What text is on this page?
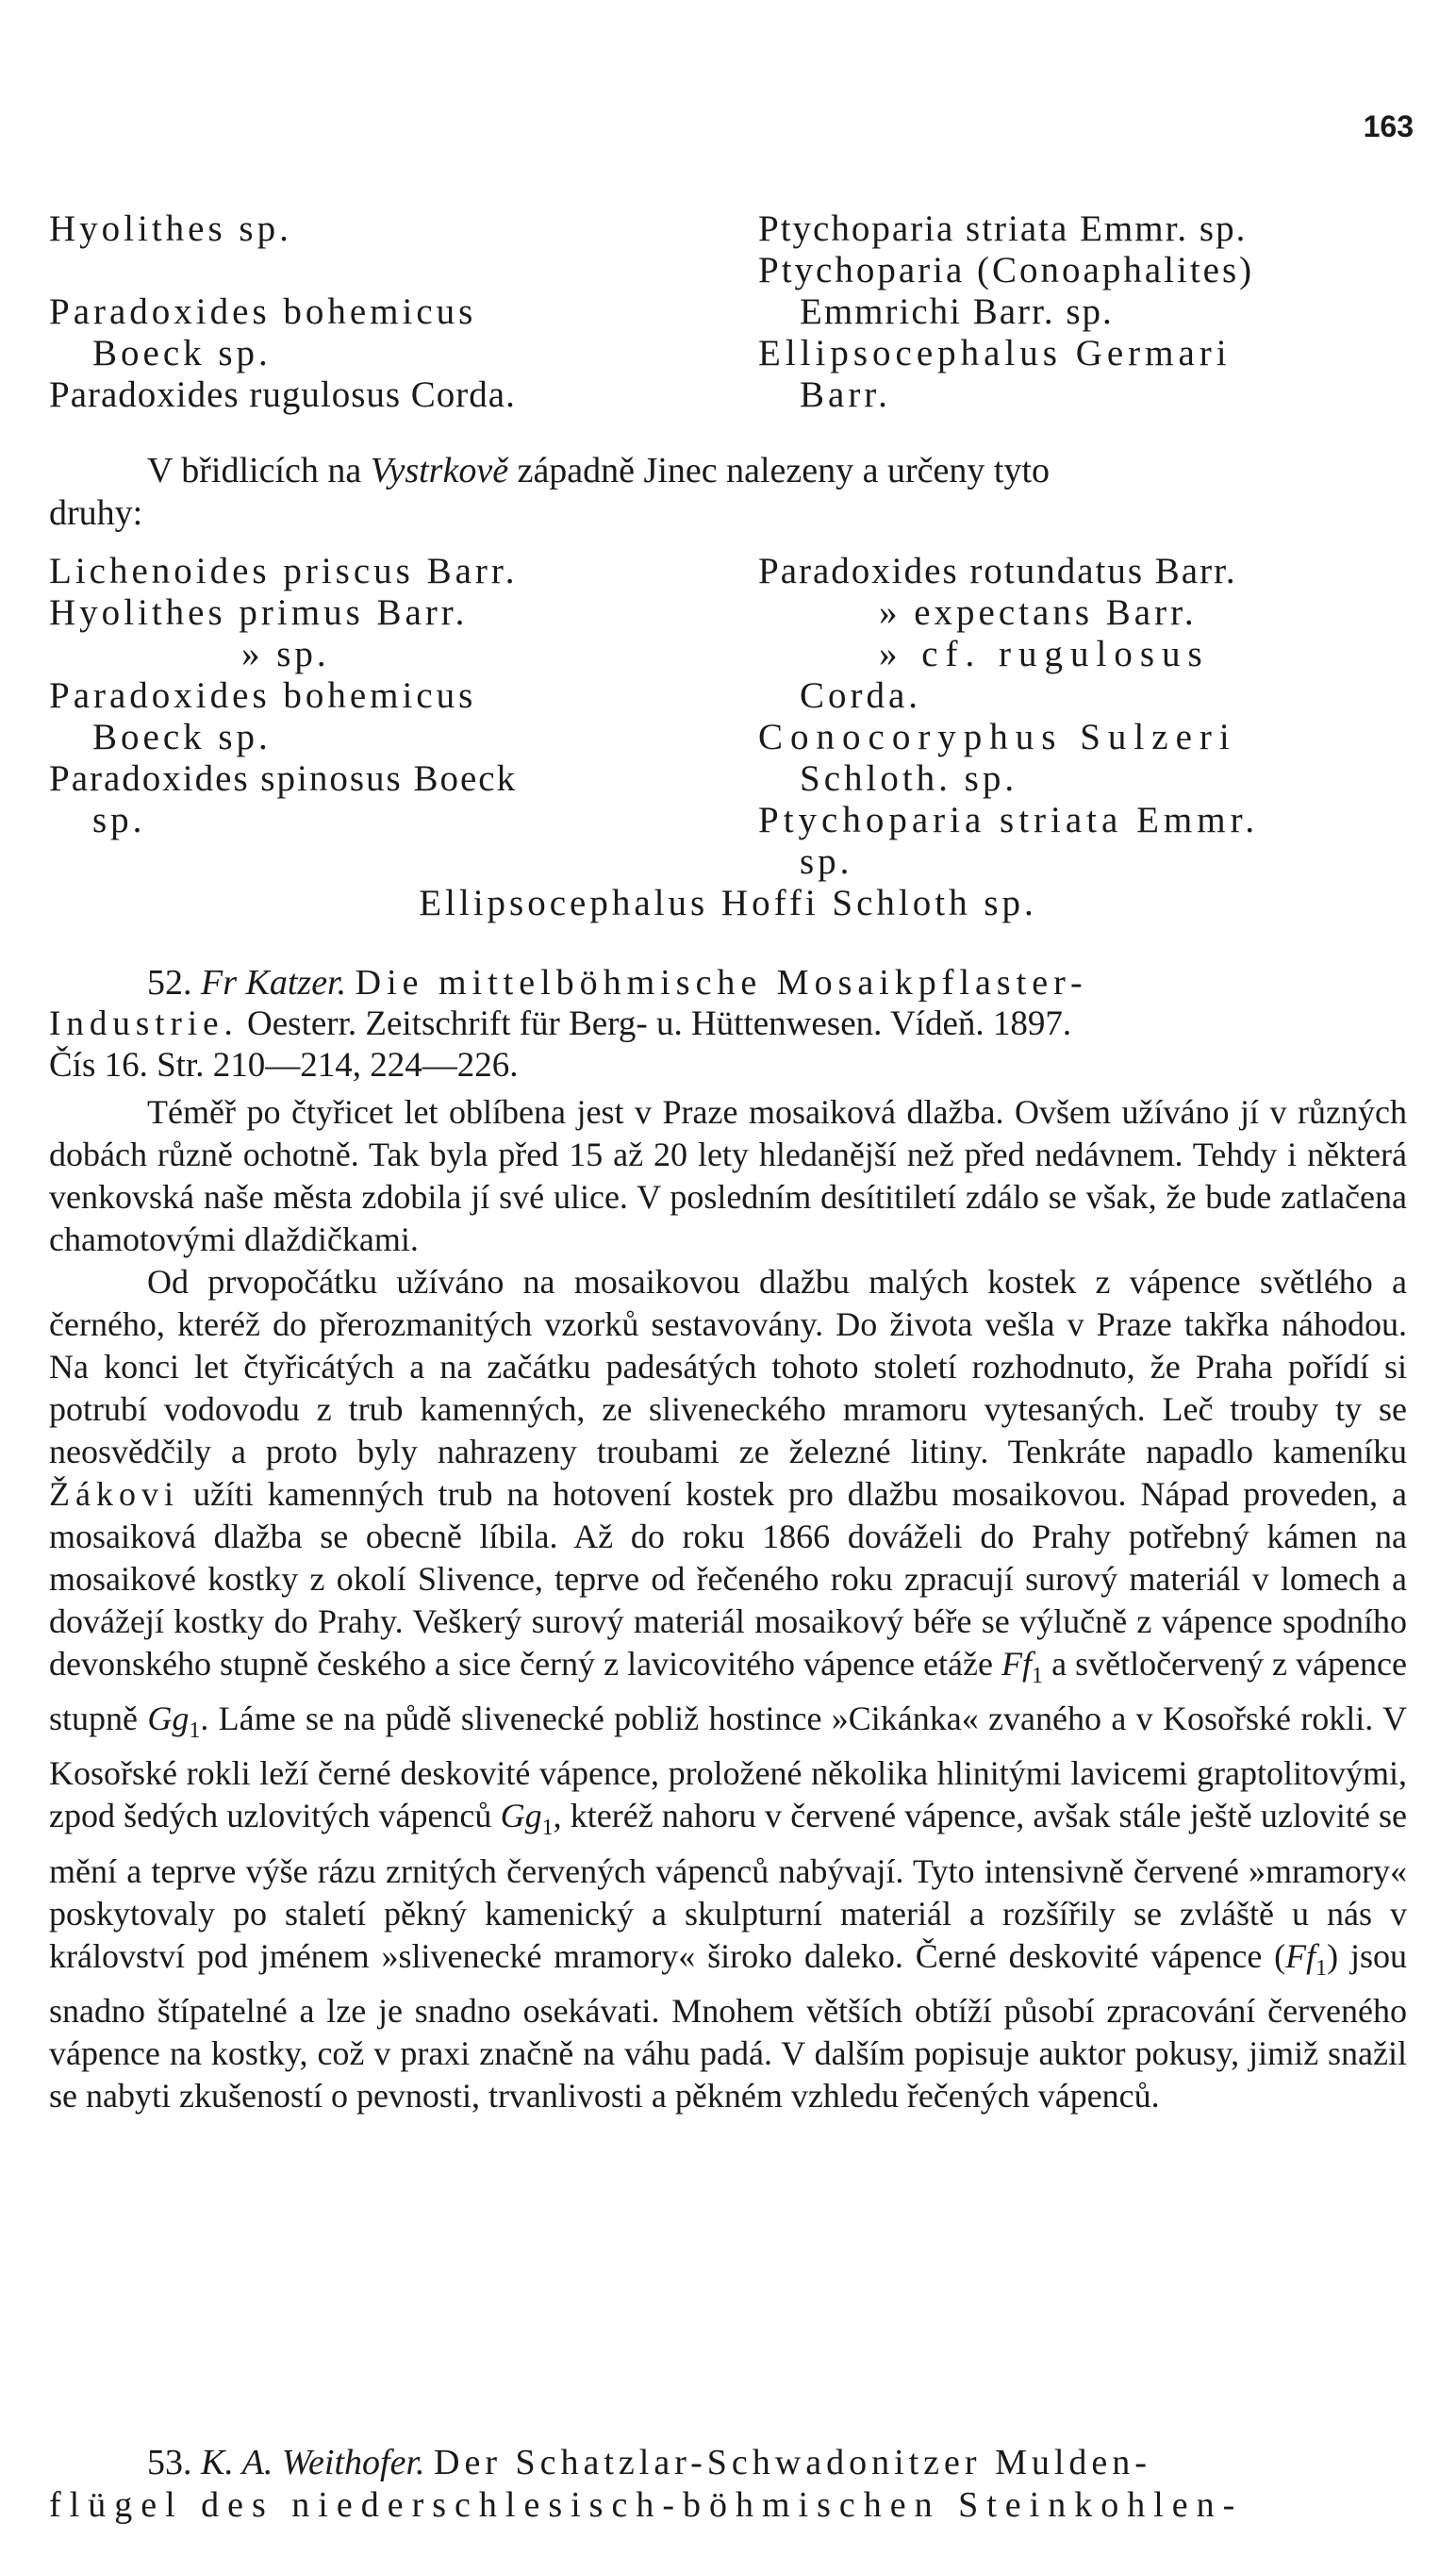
163
Hyolithes sp.
Paradoxides bohemicus
Boeck sp.
Paradoxides rugulosus Corda.
Ptychoparia striata Emmr. sp.
Ptychoparia (Conoaphalites)
Emmrichi Barr. sp.
Ellipsocephalus Germari
Barr.
V břidlicích na Vystrkově západně Jinec nalezeny a určeny tyto
druhy:
Lichenoides priscus Barr.
Hyolithes primus Barr.
» sp.
Paradoxides bohemicus
Boeck sp.
Paradoxides spinosus Boeck
sp.
Paradoxides rotundatus Barr.
» expectans Barr.
» cf. rugulosus
Corda.
Conocoryphus Sulzeri
Schloth. sp.
Ptychoparia striata Emmr.
sp.
Ellipsocephalus Hoffi Schloth sp.
52. Fr Katzer. Die mittelböhmische Mosaikpflaster-
Industrie. Oesterr. Zeitschrift für Berg- u. Hüttenwesen. Vídeň. 1897.
Čís 16. Str. 210—214, 224—226.

Téměř po čtyřicet let oblíbena jest v Praze mosaiková dlažba. Ovšem užíváno jí v různých dobách různě ochotně. Tak byla před 15 až 20 lety hledanější než před nedávnem. Tehdy i některá venkovská naše města zdobila jí své ulice. V posledním desítitiletí zdálo se však, že bude zatlačena chamotovými dlaždičkami.

Od prvopočátku užíváno na mosaikovou dlažbu malých kostek z vápence světlého a černého, kteréž do přerozmanitých vzorků sestavovány. Do života vešla v Praze takřka náhodou. Na konci let čtyřicátých a na začátku padesátých tohoto století rozhodnuto, že Praha pořídí si potrubí vodovodu z trub kamenných, ze sliveneckého mramoru vytesaných. Leč trouby ty se neosvědčily a proto byly nahrazeny troubami ze železné litiny. Tenkráte napadlo kameníku Žákovi užíti kamenných trub na hotovení kostek pro dlažbu mosaikovou. Nápad proveden, a mosaiková dlažba se obecně líbila. Až do roku 1866 dováželi do Prahy potřebný kámen na mosaikové kostky z okolí Slivence, teprve od řečeného roku zpracují surový materiál v lomech a dovážejí kostky do Prahy. Veškerý surový materiál mosaikový béře se výlučně z vápence spodního devonského stupně českého a sice černý z lavicovitého vápence etáže $Ff_1$ a světločervený z vápence stupně $Gg_1$. Láme se na půdě slivenecké pobliž hostince »Cikánka« zvaného a v Kosořské rokli. V Kosořské rokli leží černé deskovité vápence, proložené několika hlinitými lavicemi graptolitovými, zpod šedých uzlovitých vápenců $Gg_1$, kteréž nahoru v červené vápence, avšak stále ještě uzlovité se mění a teprve výše rázu zrnitých červených vápenců nabývají. Tyto intensivně červené »mramory« poskytovaly po staletí pěkný kamenický a skulpturní materiál a rozšířily se zvláště u nás v království pod jménem »slivenecké mramory« široko daleko. Černé deskovité vápence $(Ff_1)$ jsou snadno štípatelné a lze je snadno osekávati. Mnohem větších obtíží působí zpracování červeného vápence na kostky, což v praxi značně na váhu padá. V dalším popisuje auktor pokusy, jimiž snažil se nabyti zkušeností o pevnosti, trvanlivosti a pěkném vzhledu řečených vápenců.

53. K. A. Weithofer. Der Schatzlar-Schwadonitzer Mulden-
flügel des niederschlesisch-böhmischen Steinkohlen-
